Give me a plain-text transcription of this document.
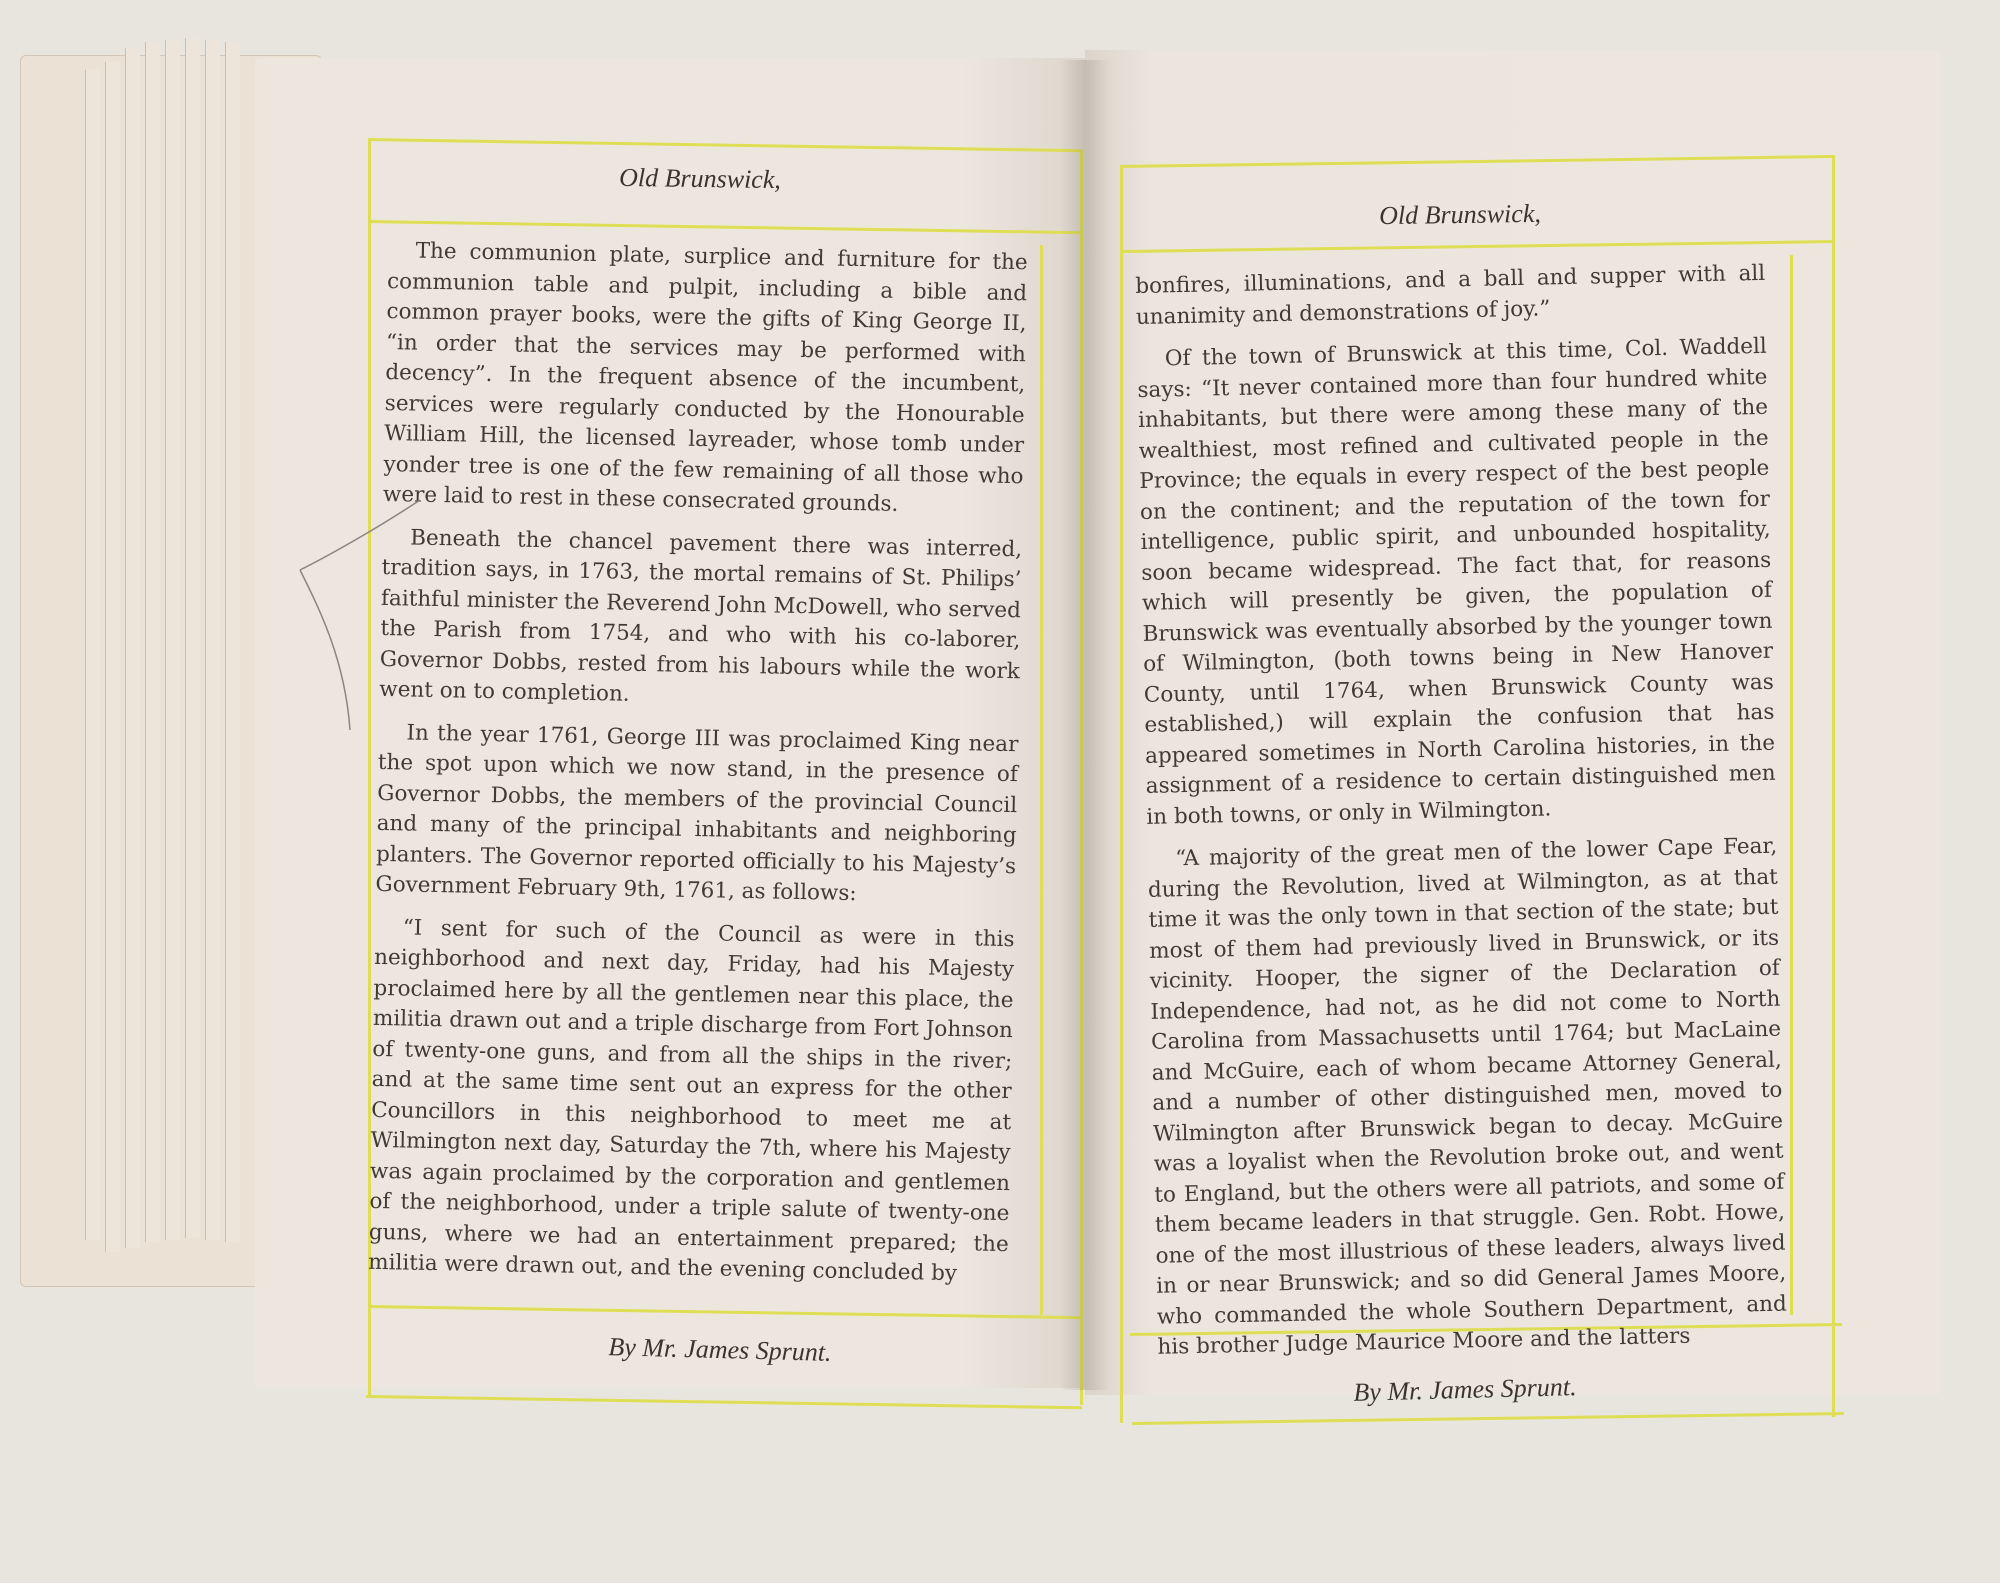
Old Brunswick,

The communion plate, surplice and furniture for the communion table and pulpit, including a bible and common prayer books, were the gifts of King George II, “in order that the services may be performed with decency”. In the frequent absence of the incumbent, services were regularly conducted by the Honourable William Hill, the licensed layreader, whose tomb under yonder tree is one of the few remaining of all those who were laid to rest in these consecrated grounds.

Beneath the chancel pavement there was interred, tradition says, in 1763, the mortal remains of St. Philips’ faithful minister the Reverend John McDowell, who served the Parish from 1754, and who with his co-laborer, Governor Dobbs, rested from his labours while the work went on to completion.

In the year 1761, George III was proclaimed King near the spot upon which we now stand, in the presence of Governor Dobbs, the members of the provincial Council and many of the principal inhabitants and neighboring planters. The Governor reported officially to his Majesty’s Government February 9th, 1761, as follows:

“I sent for such of the Council as were in this neighborhood and next day, Friday, had his Majesty proclaimed here by all the gentlemen near this place, the militia drawn out and a triple discharge from Fort Johnson of twenty-one guns, and from all the ships in the river; and at the same time sent out an express for the other Councillors in this neighborhood to meet me at Wilmington next day, Saturday the 7th, where his Majesty was again proclaimed by the corporation and gentlemen of the neighborhood, under a triple salute of twenty-one guns, where we had an entertainment prepared; the militia were drawn out, and the evening concluded by

By Mr. James Sprunt.
Old Brunswick,

bonfires, illuminations, and a ball and supper with all unanimity and demonstrations of joy.”

Of the town of Brunswick at this time, Col. Waddell says: “It never contained more than four hundred white inhabitants, but there were among these many of the wealthiest, most refined and cultivated people in the Province; the equals in every respect of the best people on the continent; and the reputation of the town for intelligence, public spirit, and unbounded hospitality, soon became widespread. The fact that, for reasons which will presently be given, the population of Brunswick was eventually absorbed by the younger town of Wilmington, (both towns being in New Hanover County, until 1764, when Brunswick County was established,) will explain the confusion that has appeared sometimes in North Carolina histories, in the assignment of a residence to certain distinguished men in both towns, or only in Wilmington.

“A majority of the great men of the lower Cape Fear, during the Revolution, lived at Wilmington, as at that time it was the only town in that section of the state; but most of them had previously lived in Brunswick, or its vicinity. Hooper, the signer of the Declaration of Independence, had not, as he did not come to North Carolina from Massachusetts until 1764; but MacLaine and McGuire, each of whom became Attorney General, and a number of other distinguished men, moved to Wilmington after Brunswick began to decay. McGuire was a loyalist when the Revolution broke out, and went to England, but the others were all patriots, and some of them became leaders in that struggle. Gen. Robt. Howe, one of the most illustrious of these leaders, always lived in or near Brunswick; and so did General James Moore, who commanded the whole Southern Department, and his brother Judge Maurice Moore and the latters

By Mr. James Sprunt.
